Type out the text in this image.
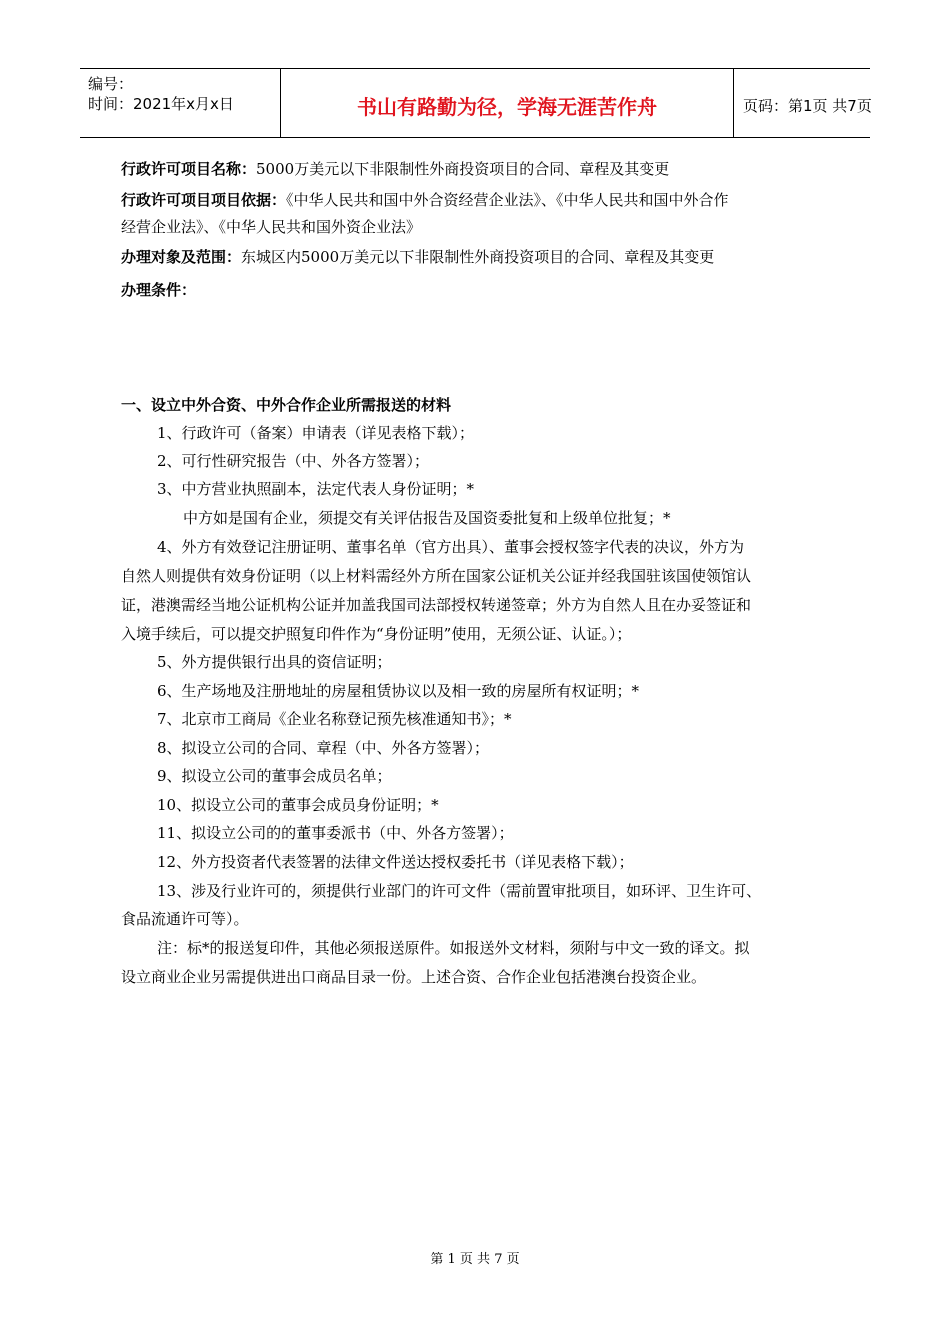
编号：
时间：2021年x月x日	书山有路勤为径，学海无涯苦作舟	页码：第1页 共7页
行政许可项目名称：5000万美元以下非限制性外商投资项目的合同、章程及其变更
行政许可项目项目依据：《中华人民共和国中外合资经营企业法》、《中华人民共和国中外合作
经营企业法》、《中华人民共和国外资企业法》
办理对象及范围：东城区内5000万美元以下非限制性外商投资项目的合同、章程及其变更
办理条件：
一、设立中外合资、中外合作企业所需报送的材料
1、行政许可（备案）申请表（详见表格下载）；
2、可行性研究报告（中、外各方签署）；
3、中方营业执照副本，法定代表人身份证明；*
中方如是国有企业，须提交有关评估报告及国资委批复和上级单位批复；*
4、外方有效登记注册证明、董事名单（官方出具）、董事会授权签字代表的决议，外方为
自然人则提供有效身份证明（以上材料需经外方所在国家公证机关公证并经我国驻该国使领馆认
证，港澳需经当地公证机构公证并加盖我国司法部授权转递签章；外方为自然人且在办妥签证和
入境手续后，可以提交护照复印件作为“身份证明”使用，无须公证、认证。）；
5、外方提供银行出具的资信证明；
6、生产场地及注册地址的房屋租赁协议以及相一致的房屋所有权证明；*
7、北京市工商局《企业名称登记预先核准通知书》；*
8、拟设立公司的合同、章程（中、外各方签署）；
9、拟设立公司的董事会成员名单；
10、拟设立公司的董事会成员身份证明；*
11、拟设立公司的的董事委派书（中、外各方签署）；
12、外方投资者代表签署的法律文件送达授权委托书（详见表格下载）；
13、涉及行业许可的，须提供行业部门的许可文件（需前置审批项目，如环评、卫生许可、
食品流通许可等）。
注：标*的报送复印件，其他必须报送原件。如报送外文材料，须附与中文一致的译文。拟
设立商业企业另需提供进出口商品目录一份。上述合资、合作企业包括港澳台投资企业。
第 1 页 共 7 页
